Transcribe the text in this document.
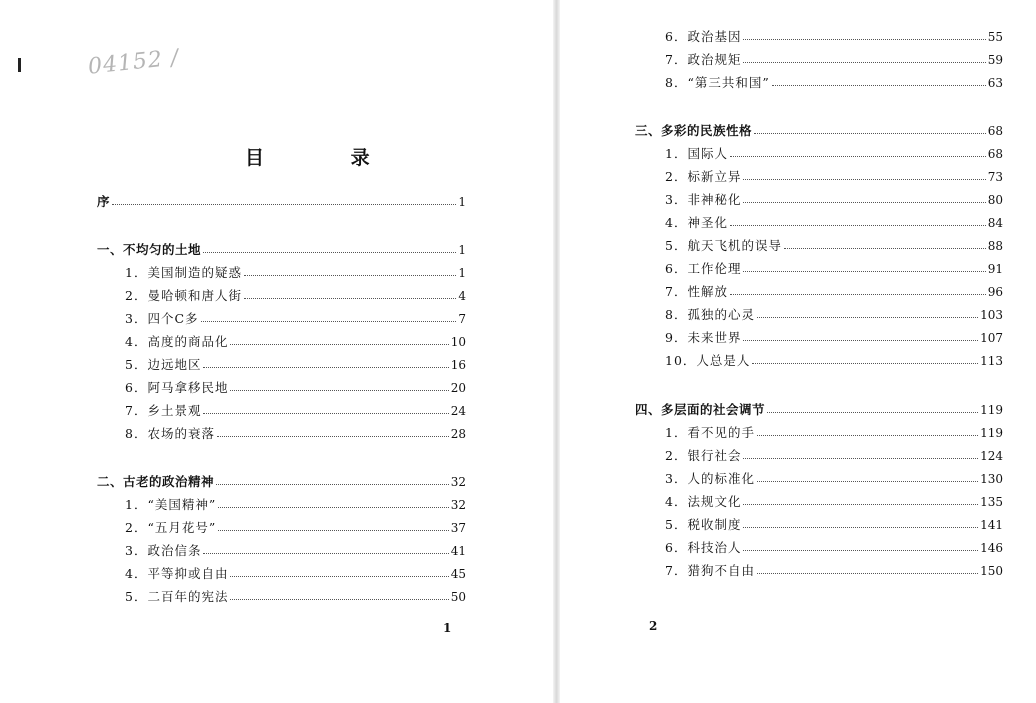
04152 /
目 录
序	1
一、不均匀的土地	1
1．美国制造的疑惑	1
2．曼哈顿和唐人街	4
3．四个C多	7
4．高度的商品化	10
5．边远地区	16
6．阿马拿移民地	20
7．乡土景观	24
8．农场的衰落	28
二、古老的政治精神	32
1．“美国精神”	32
2．“五月花号”	37
3．政治信条	41
4．平等抑或自由	45
5．二百年的宪法	50
1
6．政治基因	55
7．政治规矩	59
8．“第三共和国”	63
三、多彩的民族性格	68
1．国际人	68
2．标新立异	73
3．非神秘化	80
4．神圣化	84
5．航天飞机的误导	88
6．工作伦理	91
7．性解放	96
8．孤独的心灵	103
9．未来世界	107
10．人总是人	113
四、多层面的社会调节	119
1．看不见的手	119
2．银行社会	124
3．人的标准化	130
4．法规文化	135
5．税收制度	141
6．科技治人	146
7．猎狗不自由	150
2
